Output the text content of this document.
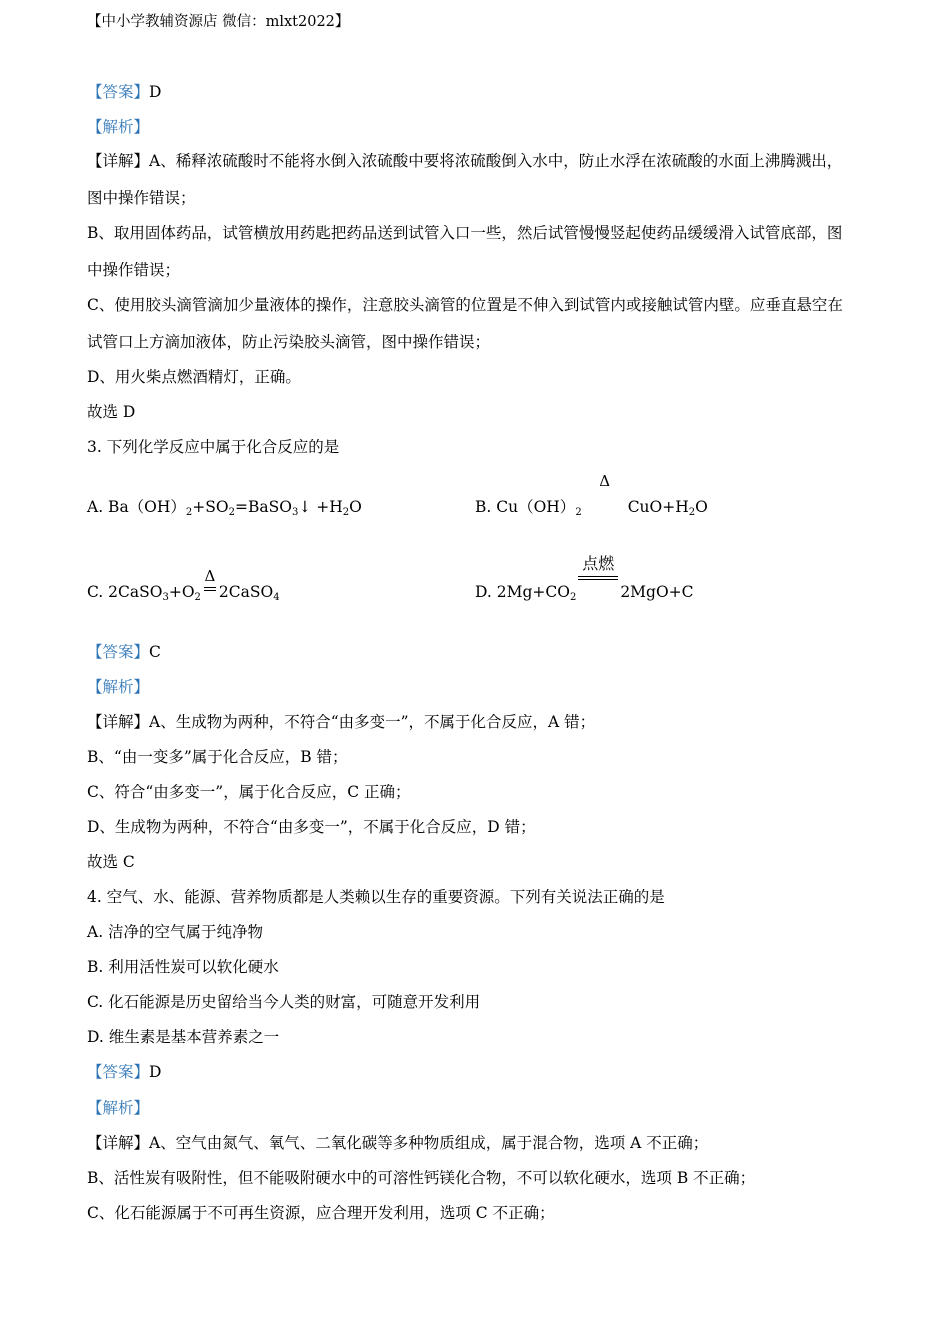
【中小学教辅资源店 微信：mlxt2022】
【答案】D
【解析】
【详解】A、稀释浓硫酸时不能将水倒入浓硫酸中要将浓硫酸倒入水中，防止水浮在浓硫酸的水面上沸腾溅出，图中操作错误；
B、取用固体药品，试管横放用药匙把药品送到试管入口一些，然后试管慢慢竖起使药品缓缓滑入试管底部，图中操作错误；
C、使用胶头滴管滴加少量液体的操作，注意胶头滴管的位置是不伸入到试管内或接触试管内壁。应垂直悬空在试管口上方滴加液体，防止污染胶头滴管，图中操作错误；
D、用火柴点燃酒精灯，正确。
故选 D
3. 下列化学反应中属于化合反应的是
A. $Ba(OH)_2+SO_2=BaSO_3↓ +H_2O$	B. $Cu(OH)_2$
Δ
$CuO+H_2O$
C. $2CaSO_3+O_2$
Δ
2CaSO$_4$	D. $2Mg+CO_2$
点燃
2MgO+C
【答案】C
【解析】
【详解】A、生成物为两种，不符合“由多变一”，不属于化合反应，A 错；
B、“由一变多”属于化合反应，B 错；
C、符合“由多变一”，属于化合反应，C 正确；
D、生成物为两种，不符合“由多变一”，不属于化合反应，D 错；
故选 C
4. 空气、水、能源、营养物质都是人类赖以生存的重要资源。下列有关说法正确的是
A. 洁净的空气属于纯净物
B. 利用活性炭可以软化硬水
C. 化石能源是历史留给当今人类的财富，可随意开发利用
D. 维生素是基本营养素之一
【答案】D
【解析】
【详解】A、空气由氮气、氧气、二氧化碳等多种物质组成，属于混合物，选项 A 不正确；
B、活性炭有吸附性，但不能吸附硬水中的可溶性钙镁化合物，不可以软化硬水，选项 B 不正确；
C、化石能源属于不可再生资源，应合理开发利用，选项 C 不正确；
